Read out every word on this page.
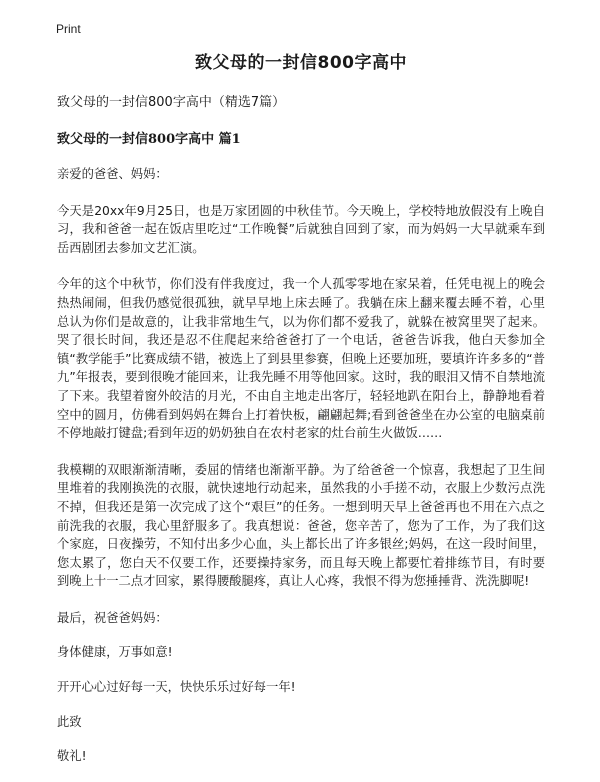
Print
致父母的一封信800字高中
致父母的一封信800字高中（精选7篇）
致父母的一封信800字高中 篇1
亲爱的爸爸、妈妈：
今天是20xx年9月25日，也是万家团圆的中秋佳节。今天晚上，学校特地放假没有上晚自习，我和爸爸一起在饭店里吃过“工作晚餐”后就独自回到了家，而为妈妈一大早就乘车到岳西剧团去参加文艺汇演。
今年的这个中秋节，你们没有伴我度过，我一个人孤零零地在家呆着，任凭电视上的晚会热热闹闹，但我仍感觉很孤独，就早早地上床去睡了。我躺在床上翻来覆去睡不着，心里总认为你们是故意的，让我非常地生气，以为你们都不爱我了，就躲在被窝里哭了起来。哭了很长时间，我还是忍不住爬起来给爸爸打了一个电话，爸爸告诉我，他白天参加全镇“教学能手”比赛成绩不错，被选上了到县里参赛，但晚上还要加班，要填许许多多的“普九”年报表，要到很晚才能回来，让我先睡不用等他回家。这时，我的眼泪又情不自禁地流了下来。我望着窗外皎洁的月光，不由自主地走出客厅，轻轻地趴在阳台上，静静地看着空中的圆月，仿佛看到妈妈在舞台上打着快板，翩翩起舞;看到爸爸坐在办公室的电脑桌前不停地敲打键盘;看到年迈的奶奶独自在农村老家的灶台前生火做饭……
我模糊的双眼渐渐清晰，委屈的情绪也渐渐平静。为了给爸爸一个惊喜，我想起了卫生间里堆着的我刚换洗的衣服，就快速地行动起来，虽然我的小手搓不动，衣服上少数污点洗不掉，但我还是第一次完成了这个“艰巨”的任务。一想到明天早上爸爸再也不用在六点之前洗我的衣服，我心里舒服多了。我真想说：爸爸，您辛苦了，您为了工作，为了我们这个家庭，日夜操劳，不知付出多少心血，头上都长出了许多银丝;妈妈，在这一段时间里，您太累了，您白天不仅要工作，还要操持家务，而且每天晚上都要忙着排练节目，有时要到晚上十一二点才回家，累得腰酸腿疼，真让人心疼，我恨不得为您捶捶背、洗洗脚呢!
最后，祝爸爸妈妈：
身体健康，万事如意!
开开心心过好每一天，快快乐乐过好每一年!
此致
敬礼!
